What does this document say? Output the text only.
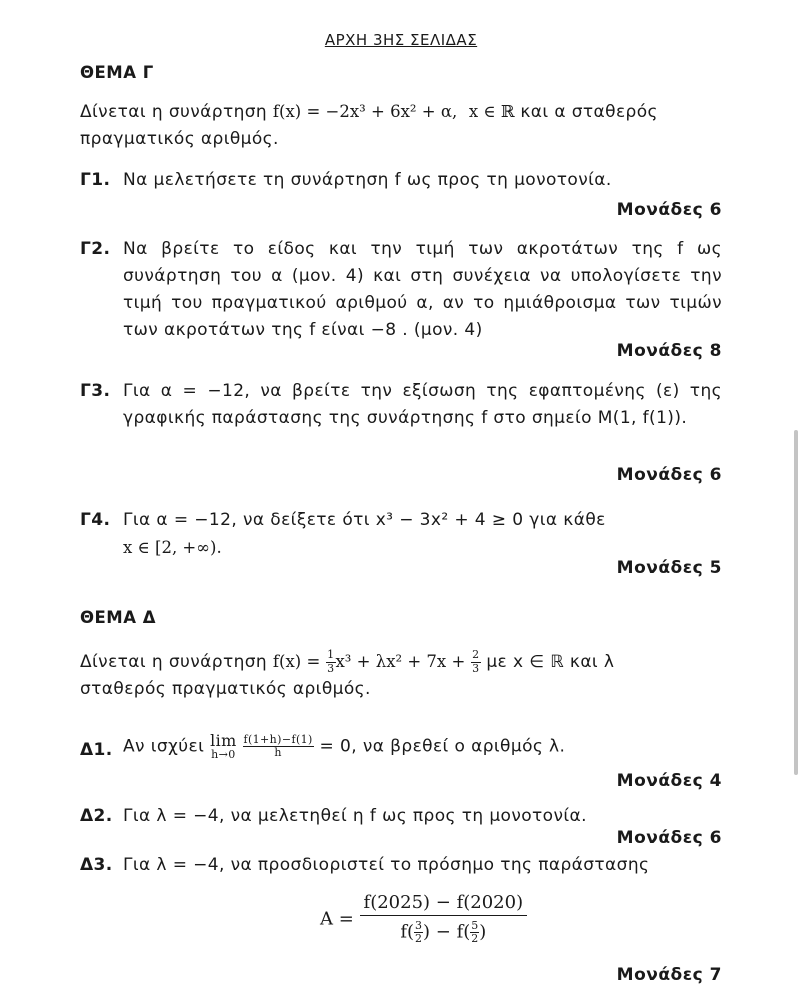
ΑΡΧΗ 3ΗΣ ΣΕΛΙΔΑΣ
ΘΕΜΑ Γ
Δίνεται η συνάρτηση f(x) = −2x³ + 6x² + α, x ∈ ℝ και α σταθερός
πραγματικός αριθμός.
Γ1. Να μελετήσετε τη συνάρτηση f ως προς τη μονοτονία.
Μονάδες 6
Γ2. Να βρείτε το είδος και την τιμή των ακροτάτων της f ως συνάρτηση του α (μον. 4) και στη συνέχεια να υπολογίσετε την τιμή του πραγματικού αριθμού α, αν το ημιάθροισμα των τιμών των ακροτάτων της f είναι −8 . (μον. 4)
Μονάδες 8
Γ3. Για α = −12, να βρείτε την εξίσωση της εφαπτομένης (ε) της γραφικής παράστασης της συνάρτησης f στο σημείο M(1, f(1)).
Μονάδες 6
Γ4. Για α = −12, να δείξετε ότι x³ − 3x² + 4 ≥ 0 για κάθε
x ∈ [2, +∞).
Μονάδες 5
ΘΕΜΑ Δ
Δίνεται η συνάρτηση $f(x) = \frac{1}{3} x^3 + \lambda x^2 + 7x + \frac{2}{3}$ με x ∈ ℝ και λ
σταθερός πραγματικός αριθμός.
Δ1. Αν ισχύει lim
h→0
$\frac{f(1+h)-f(1)}{h} = 0$, να βρεθεί ο αριθμός λ.
Μονάδες 4
Δ2. Για λ = −4, να μελετηθεί η f ως προς τη μονοτονία.
Μονάδες 6
Δ3. Για λ = −4, να προσδιοριστεί το πρόσημο της παράστασης
$A = \frac{f(2025) - f(2020)}{f( \frac{3}{2} ) - f( \frac{5}{2} )}$
Μονάδες 7
